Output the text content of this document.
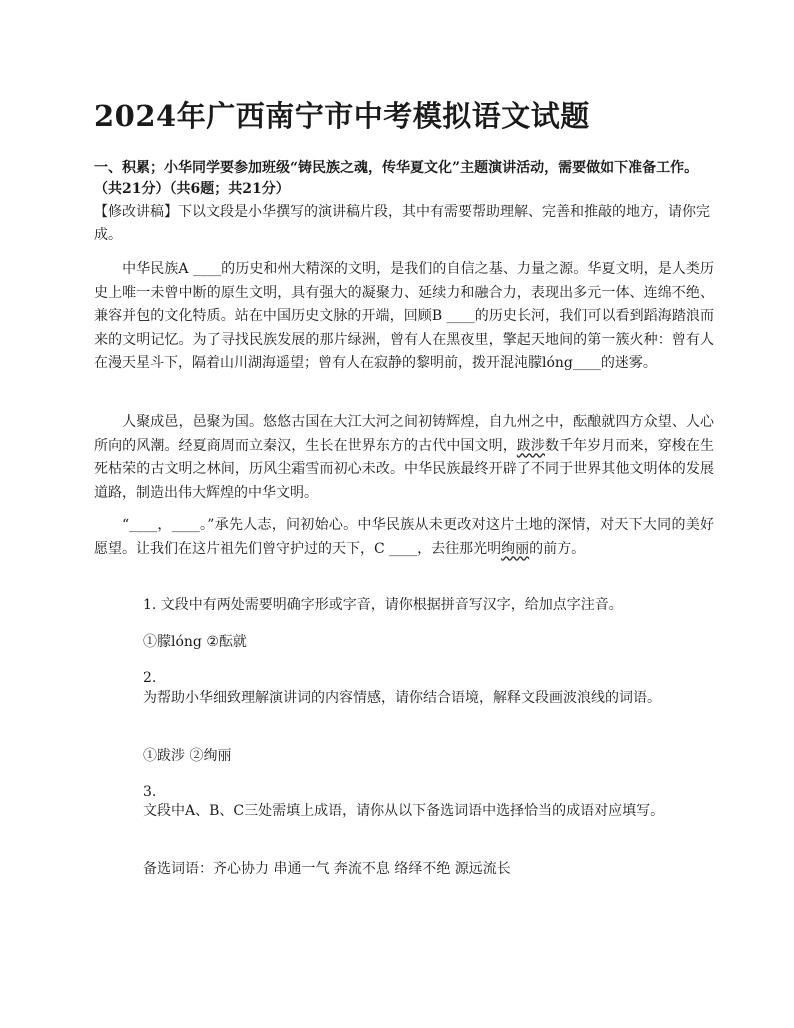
2024年广西南宁市中考模拟语文试题
一、积累；小华同学要参加班级“铸民族之魂，传华夏文化”主题演讲活动，需要做如下准备工作。（共21分）（共6题；共21分）
【修改讲稿】下以文段是小华撰写的演讲稿片段，其中有需要帮助理解、完善和推敲的地方，请你完成。
中华民族A ____的历史和州大精深的文明，是我们的自信之基、力量之源。华夏文明，是人类历史上唯一未曾中断的原生文明，具有强大的凝聚力、延续力和融合力，表现出多元一体、连绵不绝、兼容并包的文化特质。站在中国历史文脉的开端，回顾B ____的历史长河，我们可以看到蹈海踏浪而来的文明记忆。为了寻找民族发展的那片绿洲，曾有人在黑夜里，擎起天地间的第一簇火种：曾有人在漫天星斗下，隔着山川湖海遥望；曾有人在寂静的黎明前，拨开混沌朦lóng____的迷雾。
人聚成邑，邑聚为国。悠悠古国在大江大河之间初铸辉煌，自九州之中，酝酿就四方众望、人心所向的风潮。经夏商周而立秦汉，生长在世界东方的古代中国文明，跋涉数千年岁月而来，穿梭在生死枯荣的古文明之林间，历风尘霜雪而初心未改。中华民族最终开辟了不同于世界其他文明体的发展道路，制造出伟大辉煌的中华文明。
“____，____。”承先人志，问初始心。中华民族从未更改对这片土地的深情，对天下大同的美好愿望。让我们在这片祖先们曾守护过的天下，C ____，去往那光明绚丽的前方。
1. 文段中有两处需要明确字形或字音，请你根据拼音写汉字，给加点字注音。
①朦lóng ②酝就
2.
为帮助小华细致理解演讲词的内容情感，请你结合语境，解释文段画波浪线的词语。
①跋涉 ②绚丽
3.
文段中A、B、C三处需填上成语，请你从以下备选词语中选择恰当的成语对应填写。
备选词语：齐心协力 串通一气 奔流不息 络绎不绝 源远流长
